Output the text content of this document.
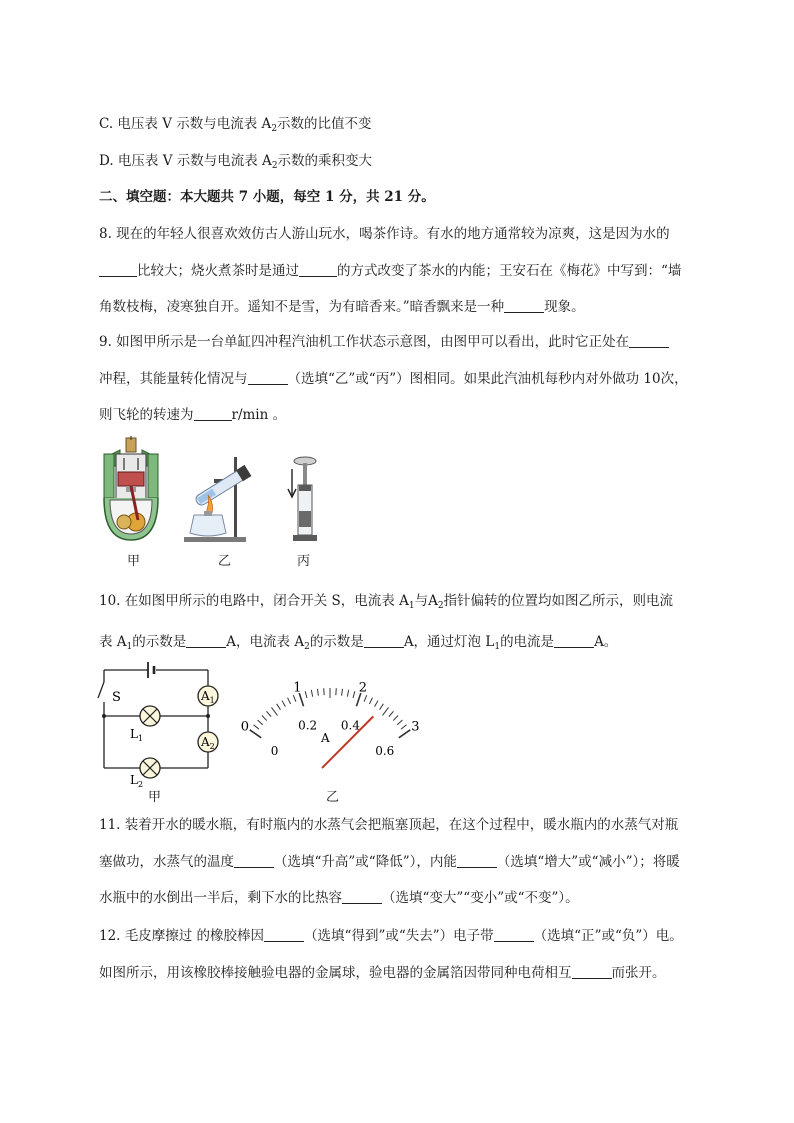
C. 电压表 V 示数与电流表 $A_2$示数的比值不变
D. 电压表 V 示数与电流表 $A_2$示数的乘积变大
二、填空题：本大题共 7 小题，每空 1 分，共 21 分。
8. 现在的年轻人很喜欢效仿古人游山玩水，喝茶作诗。有水的地方通常较为凉爽，这是因为水的
比较大；烧火煮茶时是通过	的方式改变了茶水的内能；王安石在《梅花》中写到：“墙
角数枝梅，凌寒独自开。遥知不是雪，为有暗香来。”暗香飘来是一种	现象。
9. 如图甲所示是一台单缸四冲程汽油机工作状态示意图，由图甲可以看出，此时它正处在
冲程，其能量转化情况与	（选填“乙”或“丙”）图相同。如果此汽油机每秒内对外做功 10次，
则飞轮的转速为	r/min 。
甲	乙	丙
10. 在如图甲所示的电路中，闭合开关 S，电流表 $A_1$与$A_2$指针偏转的位置均如图乙所示，则电流
表 $A_1$的示数是	A，电流表 $A_2$的示数是	A，通过灯泡 $L_1$的电流是	A。
S	$A_1$
$A_2$
$L_1$
$L_2$
甲
0
1	2
3
0
0.2 0.4
0.6
A
乙
11. 装着开水的暖水瓶，有时瓶内的水蒸气会把瓶塞顶起，在这个过程中，暖水瓶内的水蒸气对瓶
塞做功，水蒸气的温度	（选填“升高”或“降低”），内能	（选填“增大”或“减小”）；将暖
水瓶中的水倒出一半后，剩下水的比热容	（选填“变大”“变小”或“不变”）。
12. 毛皮摩擦过 的橡胶棒因	（选填“得到”或“失去”）电子带	（选填“正”或“负”）电。
如图所示，用该橡胶棒接触验电器的金属球，验电器的金属箔因带同种电荷相互	而张开。
